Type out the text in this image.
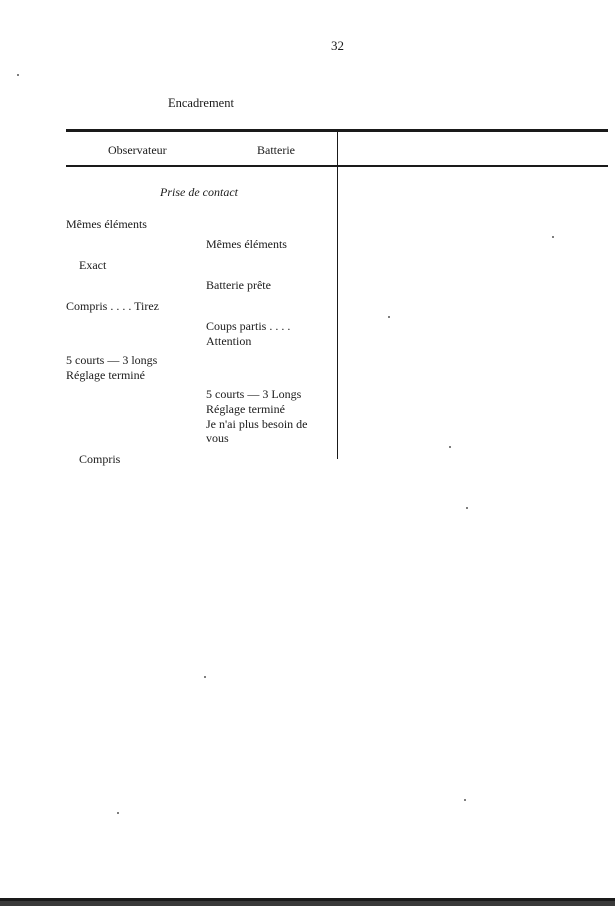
32
Encadrement
Observateur	Batterie
Prise de contact
Mêmes éléments
Mêmes éléments
Exact
Batterie prête
Compris . . . . Tirez
Coups partis . . . .
Attention
5 courts — 3 longs
Réglage terminé
5 courts — 3 Longs
Réglage terminé
Je n'ai plus besoin de
vous
Compris
